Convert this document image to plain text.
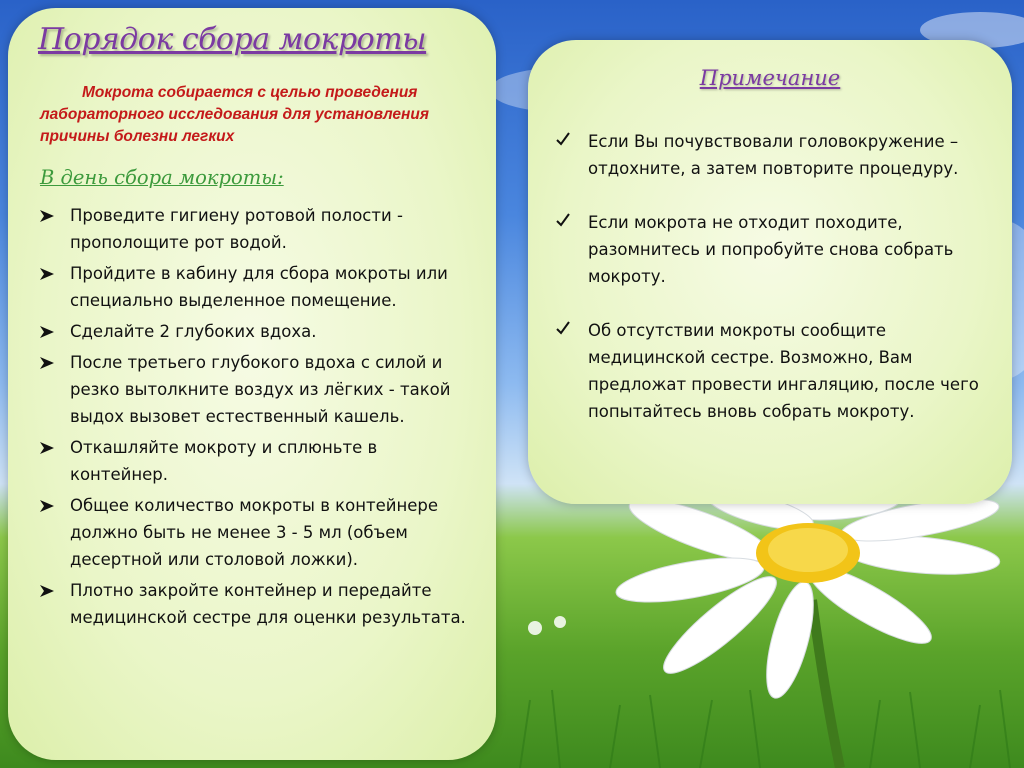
Порядок сбора мокроты

Мокрота собирается с целью проведения лабораторного исследования для установления причины болезни легких

В день сбора мокроты:
Проведите гигиену ротовой полости - прополощите рот водой.
Пройдите в кабину для сбора мокроты или специально выделенное помещение.
Сделайте 2 глубоких вдоха.
После третьего глубокого вдоха с силой и резко вытолкните воздух из лёгких - такой выдох вызовет естественный кашель.
Откашляйте мокроту и сплюньте в контейнер.
Общее количество мокроты в контейнере должно быть не менее 3 - 5 мл (объем десертной или столовой ложки).
Плотно закройте контейнер и передайте медицинской сестре для оценки результата.
Примечание
Если Вы почувствовали головокружение – отдохните, а затем повторите процедуру.
Если мокрота не отходит походите, разомнитесь и попробуйте снова собрать мокроту.
Об отсутствии мокроты сообщите медицинской сестре. Возможно, Вам предложат провести ингаляцию, после чего попытайтесь вновь собрать мокроту.
